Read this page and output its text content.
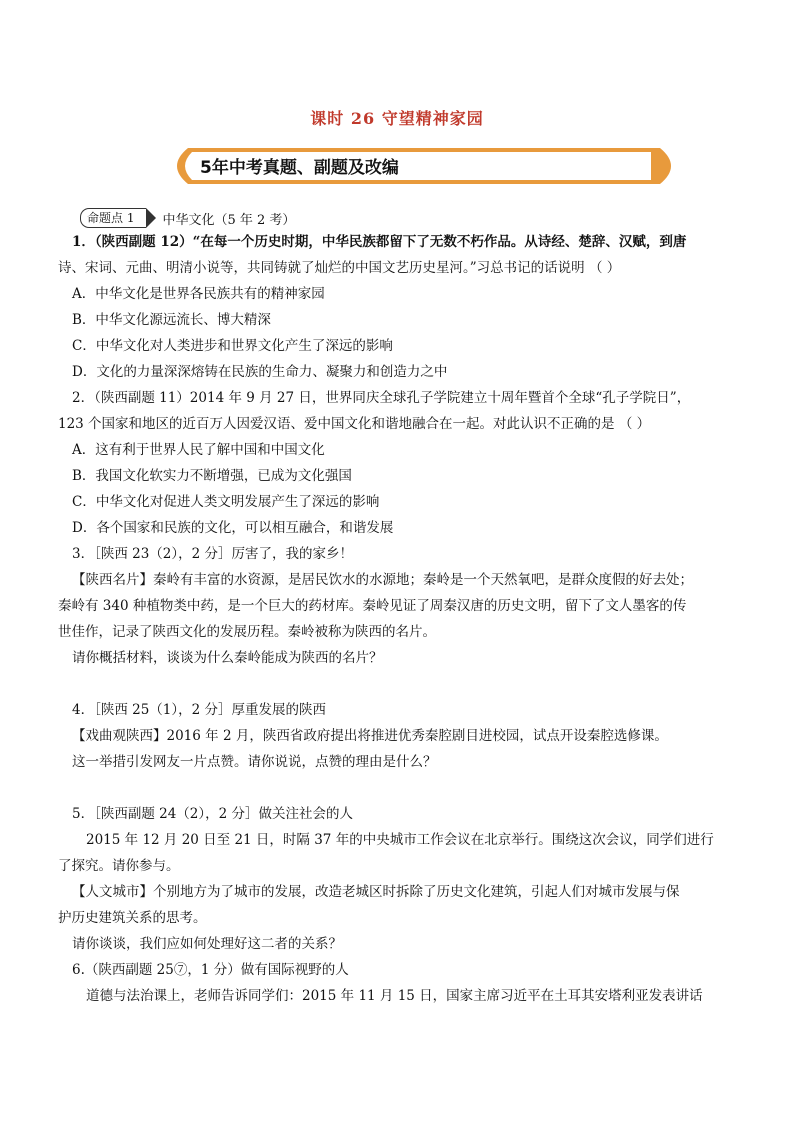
课时 26 守望精神家园
5年中考真题、副题及改编
命题点 1	中华文化（5 年 2 考）
1．（陕西副题 12）“在每一个历史时期，中华民族都留下了无数不朽作品。从诗经、楚辞、汉赋，到唐
诗、宋词、元曲、明清小说等，共同铸就了灿烂的中国文艺历史星河。”习总书记的话说明 （ ）
A．中华文化是世界各民族共有的精神家园
B．中华文化源远流长、博大精深
C．中华文化对人类进步和世界文化产生了深远的影响
D．文化的力量深深熔铸在民族的生命力、凝聚力和创造力之中
2．（陕西副题 11）2014 年 9 月 27 日，世界同庆全球孔子学院建立十周年暨首个全球“孔子学院日”，
123 个国家和地区的近百万人因爱汉语、爱中国文化和谐地融合在一起。对此认识不正确的是 （ ）
A．这有利于世界人民了解中国和中国文化
B．我国文化软实力不断增强，已成为文化强国
C．中华文化对促进人类文明发展产生了深远的影响
D．各个国家和民族的文化，可以相互融合，和谐发展
3．［陕西 23（2），2 分］厉害了，我的家乡！
【陕西名片】秦岭有丰富的水资源，是居民饮水的水源地；秦岭是一个天然氧吧，是群众度假的好去处；
秦岭有 340 种植物类中药，是一个巨大的药材库。秦岭见证了周秦汉唐的历史文明，留下了文人墨客的传
世佳作，记录了陕西文化的发展历程。秦岭被称为陕西的名片。
请你概括材料，谈谈为什么秦岭能成为陕西的名片？
4．［陕西 25（1），2 分］厚重发展的陕西
【戏曲观陕西】2016 年 2 月，陕西省政府提出将推进优秀秦腔剧目进校园，试点开设秦腔选修课。
这一举措引发网友一片点赞。请你说说，点赞的理由是什么？
5．［陕西副题 24（2），2 分］做关注社会的人
2015 年 12 月 20 日至 21 日，时隔 37 年的中央城市工作会议在北京举行。围绕这次会议，同学们进行
了探究。请你参与。
【人文城市】个别地方为了城市的发展，改造老城区时拆除了历史文化建筑，引起人们对城市发展与保
护历史建筑关系的思考。
请你谈谈，我们应如何处理好这二者的关系？
6.（陕西副题 25⑦，1 分）做有国际视野的人
道德与法治课上，老师告诉同学们：2015 年 11 月 15 日，国家主席习近平在土耳其安塔利亚发表讲话
